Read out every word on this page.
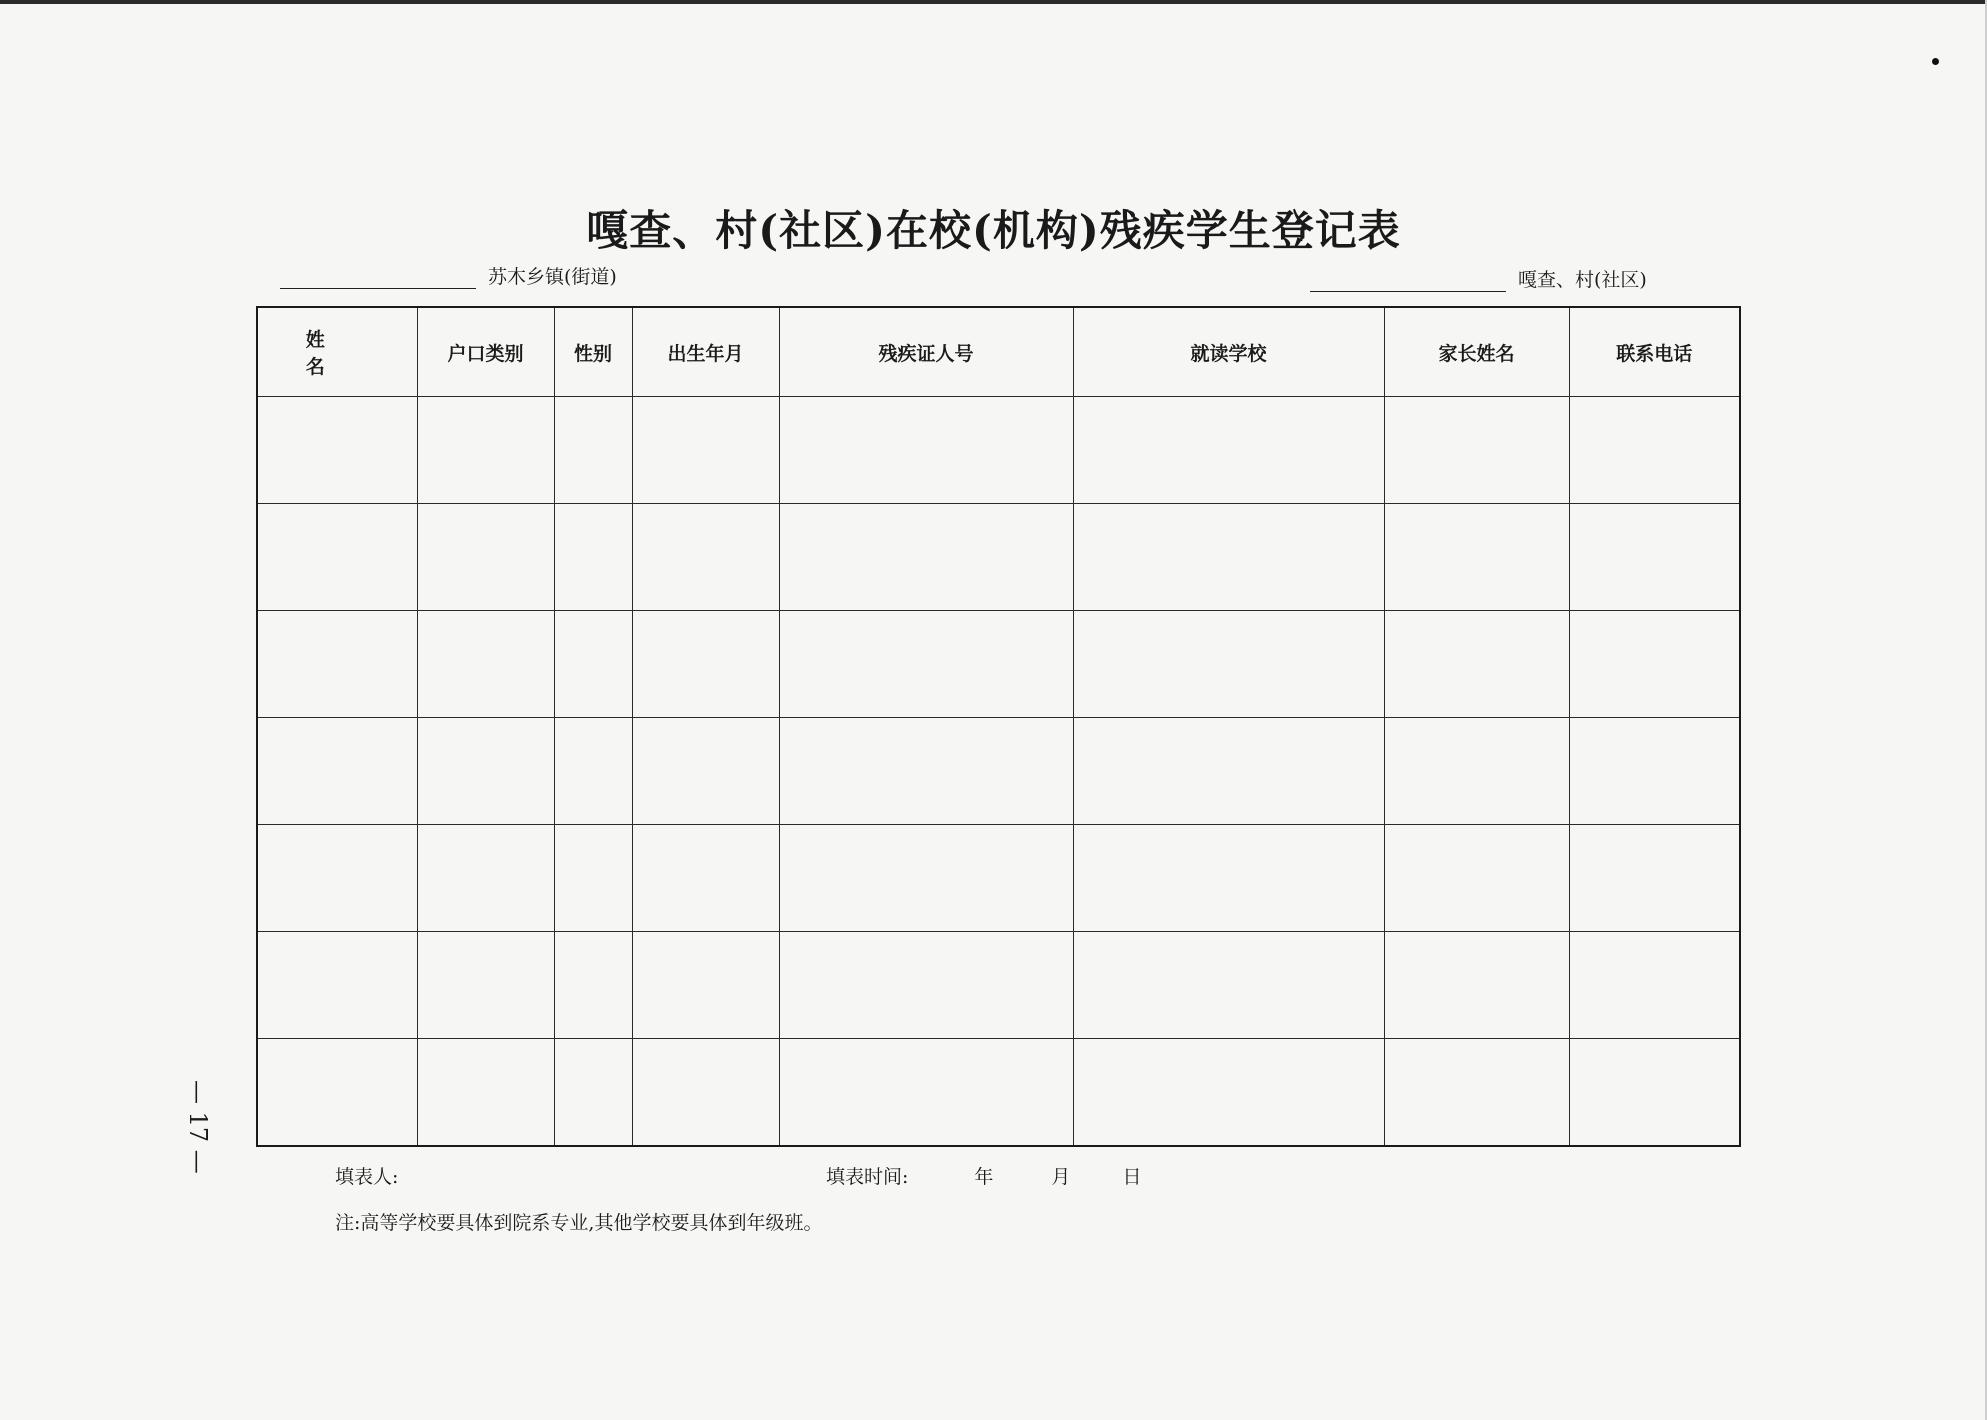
嘎查、村(社区)在校(机构)残疾学生登记表
苏木乡镇(街道)	嘎查、村(社区)
姓 名	户口类别	性别	出生年月	残疾证人号	就读学校	家长姓名	联系电话

填表人:	填表时间:	年	月	日
注:高等学校要具体到院系专业,其他学校要具体到年级班。
— 17 —
